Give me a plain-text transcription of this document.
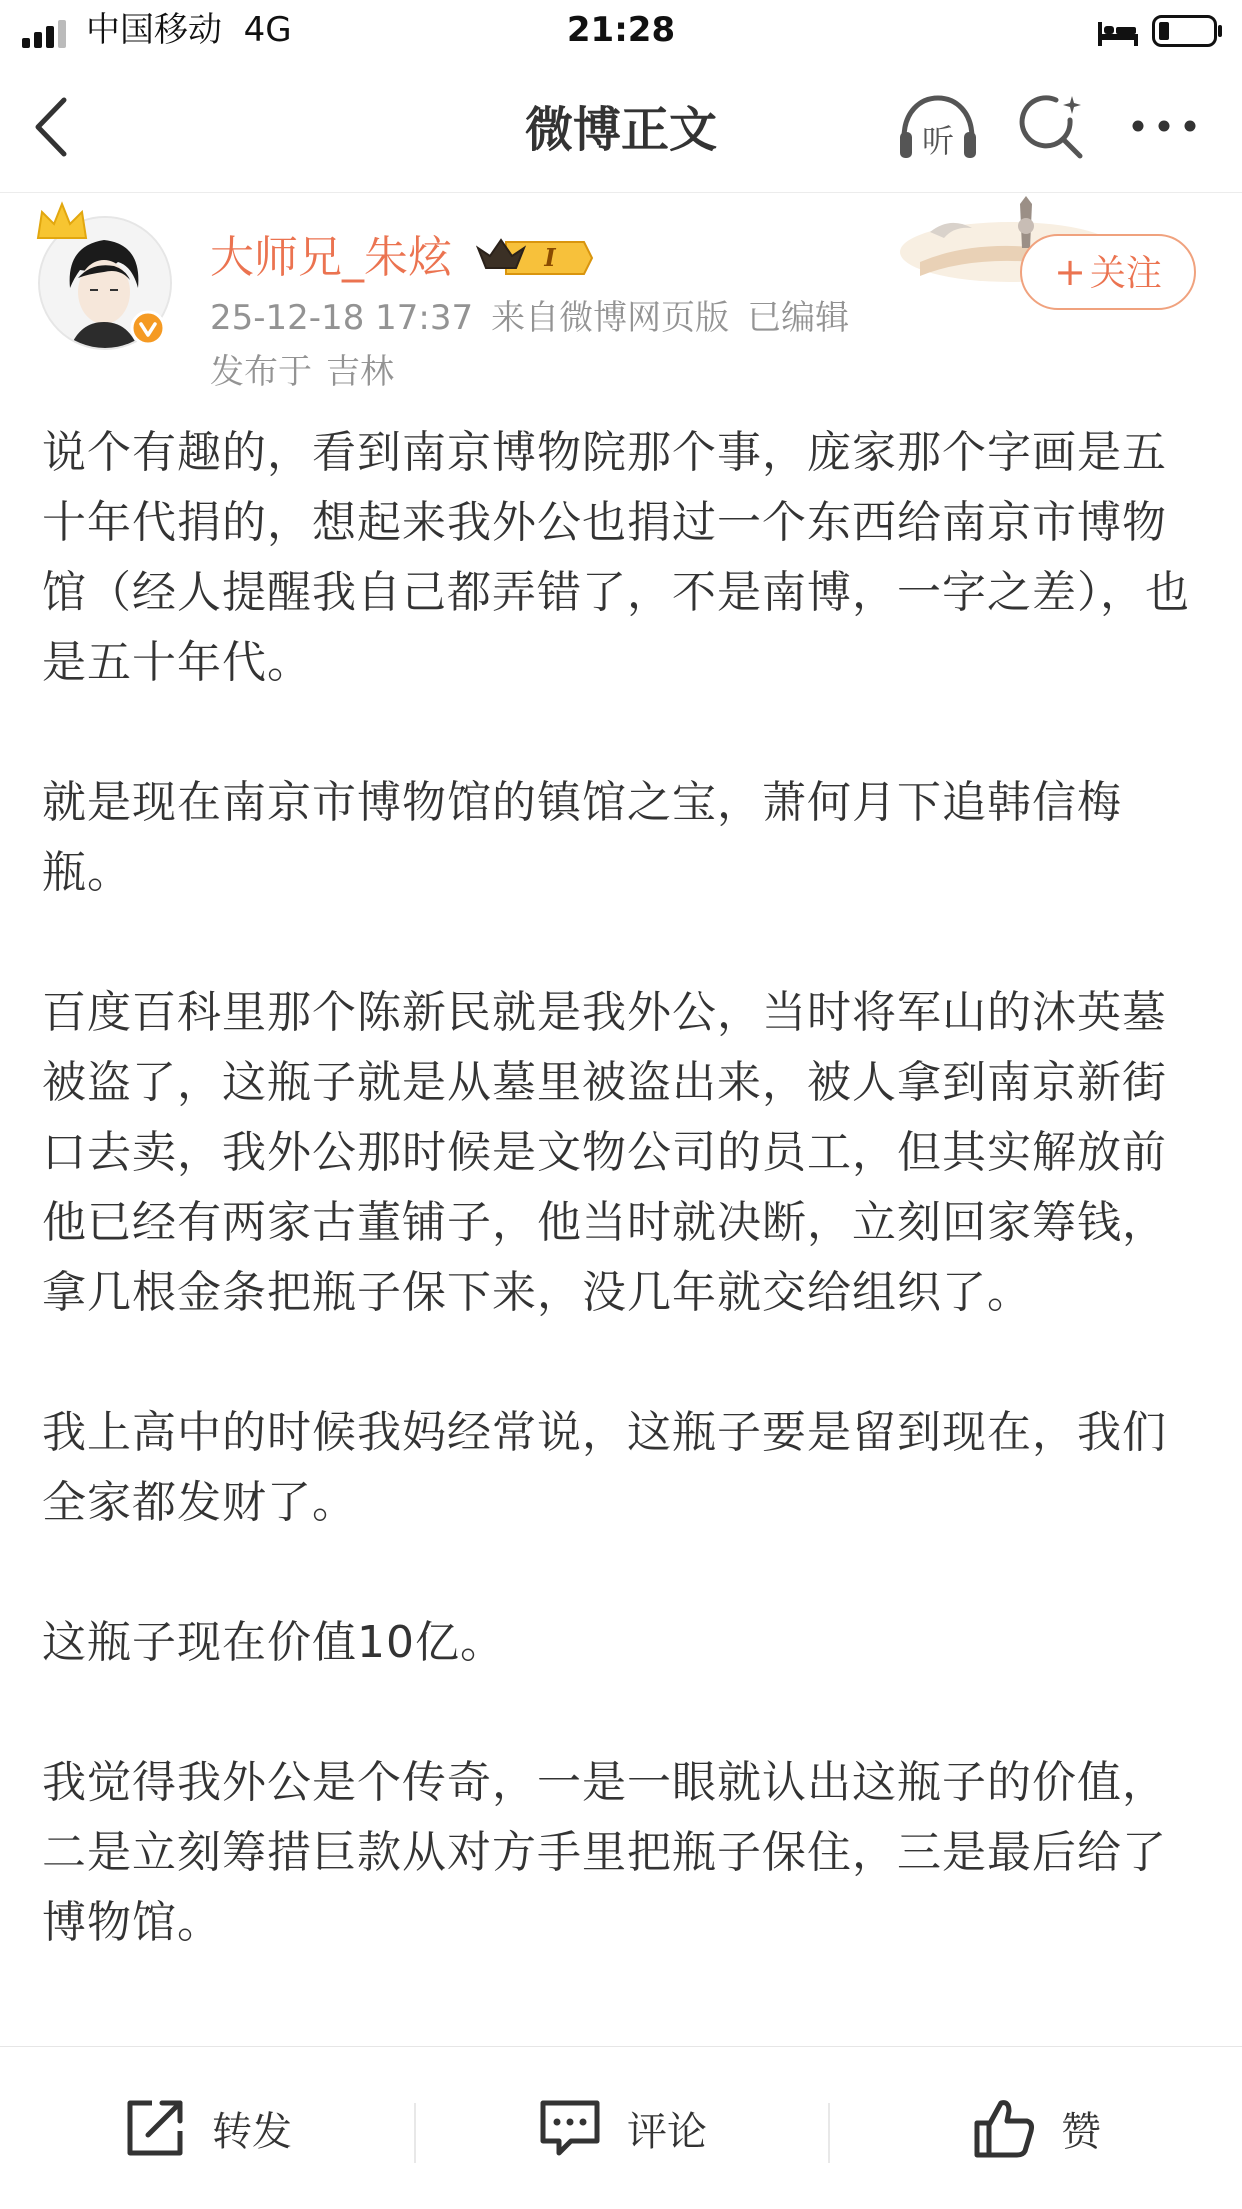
中国移动 4G	21:28
微博正文	听
大师兄_朱炫	I
25-12-18 17:37 来自微博网页版 已编辑
发布于 吉林
+ 关注

说个有趣的，看到南京博物院那个事，庞家那个字画是五十年代捐的，想起来我外公也捐过一个东西给南京市博物馆（经人提醒我自己都弄错了，不是南博，一字之差），也是五十年代。

就是现在南京市博物馆的镇馆之宝，萧何月下追韩信梅瓶。

百度百科里那个陈新民就是我外公，当时将军山的沐英墓被盗了，这瓶子就是从墓里被盗出来，被人拿到南京新街口去卖，我外公那时候是文物公司的员工，但其实解放前他已经有两家古董铺子，他当时就决断，立刻回家筹钱，拿几根金条把瓶子保下来，没几年就交给组织了。

我上高中的时候我妈经常说，这瓶子要是留到现在，我们全家都发财了。

这瓶子现在价值10亿。

我觉得我外公是个传奇，一是一眼就认出这瓶子的价值，二是立刻筹措巨款从对方手里把瓶子保住，三是最后给了博物馆。

转发	评论	赞
